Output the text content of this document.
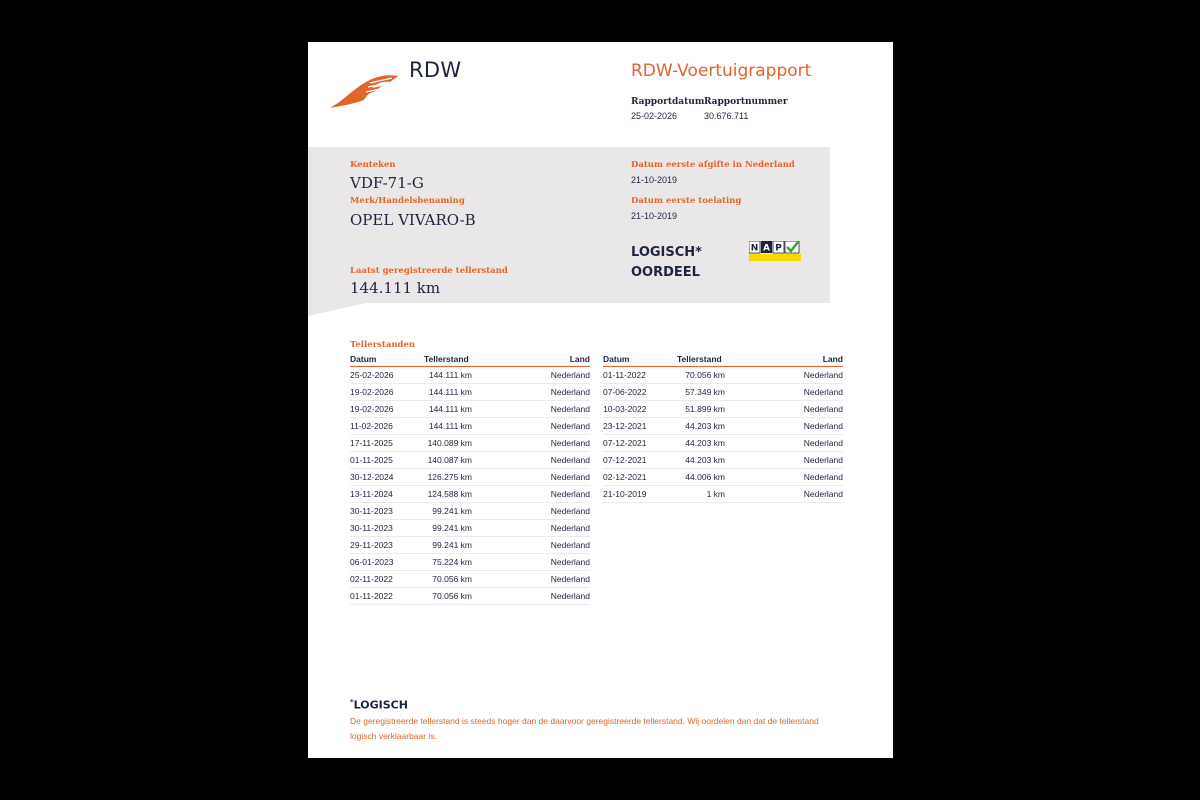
RDW	RDW-Voertuigrapport
Rapportdatum
25-02-2026
Rapportnummer
30.676.711
Kenteken
VDF-71-G
Merk/Handelsbenaming
OPEL VIVARO-B
Laatst geregistreerde tellerstand
144.111 km
Datum eerste afgifte in Nederland
21-10-2019
Datum eerste toelating
21-10-2019
LOGISCH*
OORDEEL
N A P
Tellerstanden
Datum	Tellerstand	Land
25-02-2026	144.111 km	Nederland
19-02-2026	144.111 km	Nederland
19-02-2026	144.111 km	Nederland
11-02-2026	144.111 km	Nederland
17-11-2025	140.089 km	Nederland
01-11-2025	140.087 km	Nederland
30-12-2024	126.275 km	Nederland
13-11-2024	124.588 km	Nederland
30-11-2023	99.241 km	Nederland
30-11-2023	99.241 km	Nederland
29-11-2023	99.241 km	Nederland
06-01-2023	75.224 km	Nederland
02-11-2022	70.056 km	Nederland
01-11-2022	70.056 km	Nederland
Datum	Tellerstand	Land
01-11-2022	70.056 km	Nederland
07-06-2022	57.349 km	Nederland
10-03-2022	51.899 km	Nederland
23-12-2021	44.203 km	Nederland
07-12-2021	44.203 km	Nederland
07-12-2021	44.203 km	Nederland
02-12-2021	44.006 km	Nederland
21-10-2019	1 km	Nederland
*LOGISCH
De geregistreerde tellerstand is steeds hoger dan de daarvoor geregistreerde tellerstand. Wij oordelen dan dat de tellerstand logisch verklaarbaar is.
